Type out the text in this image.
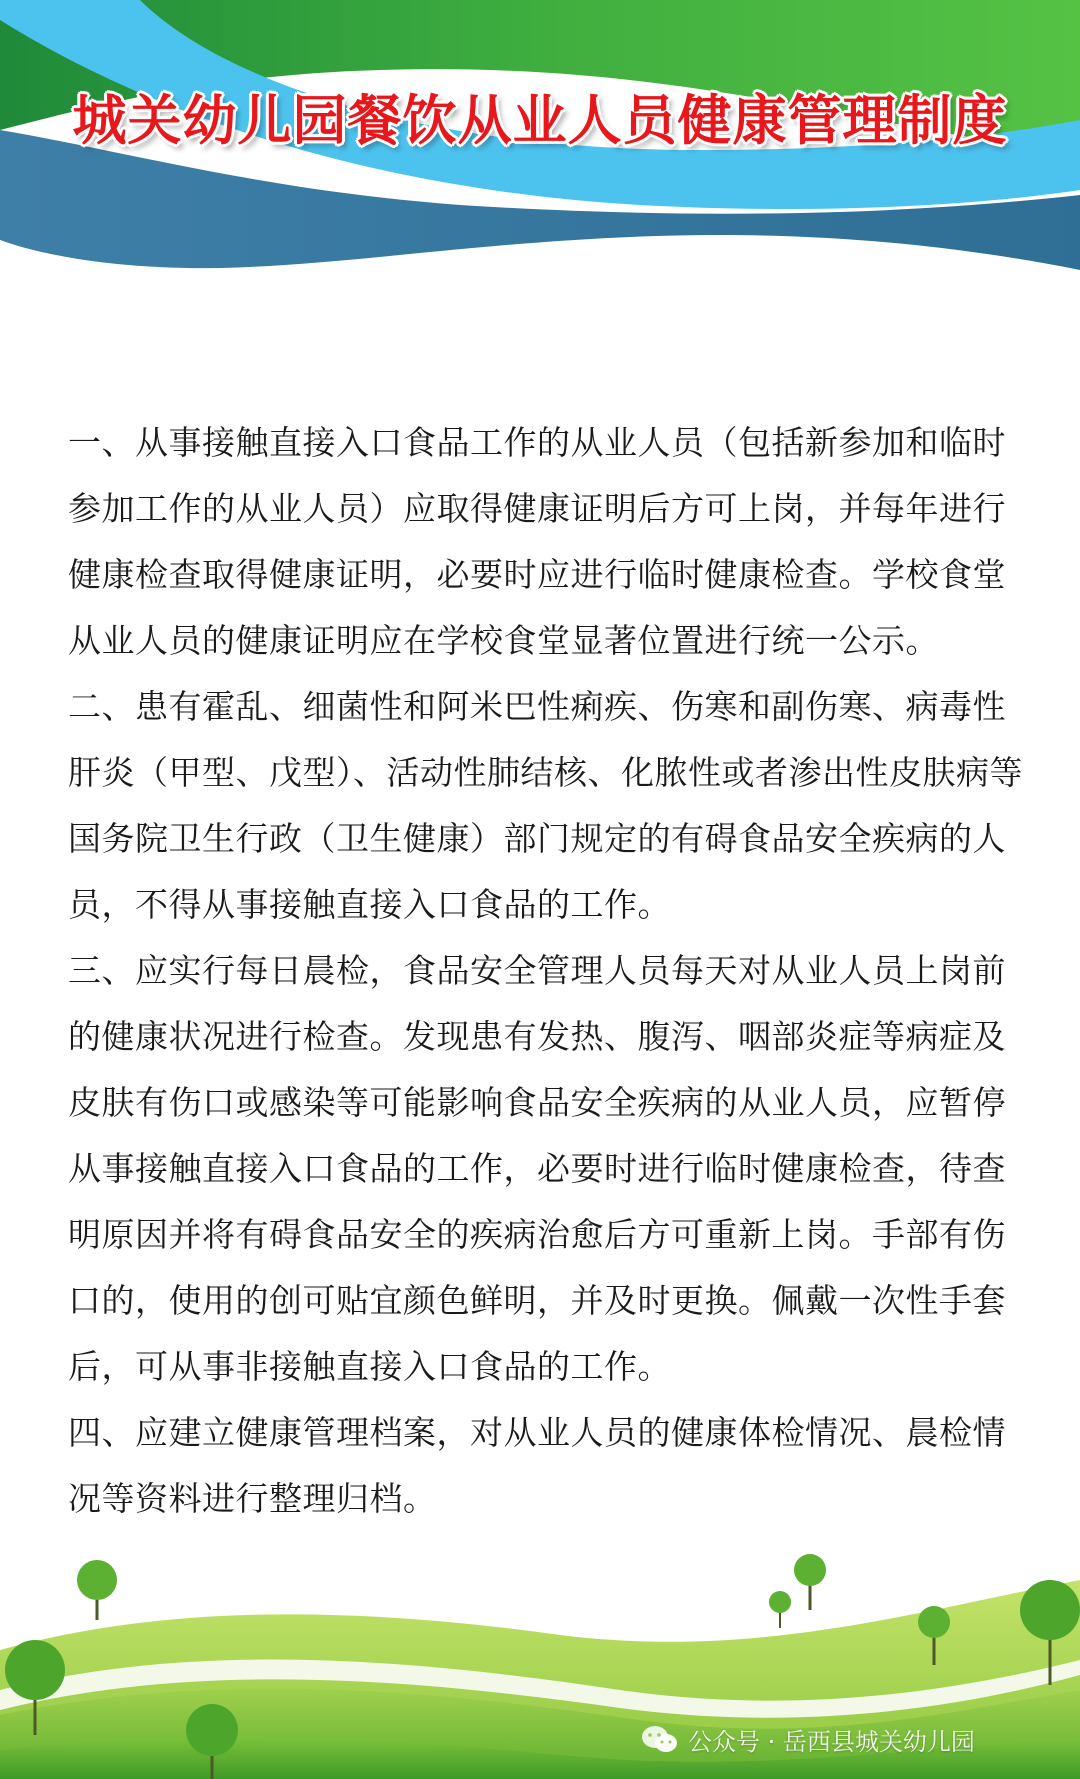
城关幼儿园餐饮从业人员健康管理制度

一、从事接触直接入口食品工作的从业人员（包括新参加和临时参加工作的从业人员）应取得健康证明后方可上岗，并每年进行健康检查取得健康证明，必要时应进行临时健康检查。学校食堂从业人员的健康证明应在学校食堂显著位置进行统一公示。

二、患有霍乱、细菌性和阿米巴性痢疾、伤寒和副伤寒、病毒性肝炎（甲型、戊型）、活动性肺结核、化脓性或者渗出性皮肤病等国务院卫生行政（卫生健康）部门规定的有碍食品安全疾病的人员，不得从事接触直接入口食品的工作。

三、应实行每日晨检，食品安全管理人员每天对从业人员上岗前的健康状况进行检查。发现患有发热、腹泻、咽部炎症等病症及皮肤有伤口或感染等可能影响食品安全疾病的从业人员，应暂停从事接触直接入口食品的工作，必要时进行临时健康检查，待查明原因并将有碍食品安全的疾病治愈后方可重新上岗。手部有伤口的，使用的创可贴宜颜色鲜明，并及时更换。佩戴一次性手套后，可从事非接触直接入口食品的工作。

四、应建立健康管理档案，对从业人员的健康体检情况、晨检情况等资料进行整理归档。

公众号 · 岳西县城关幼儿园
